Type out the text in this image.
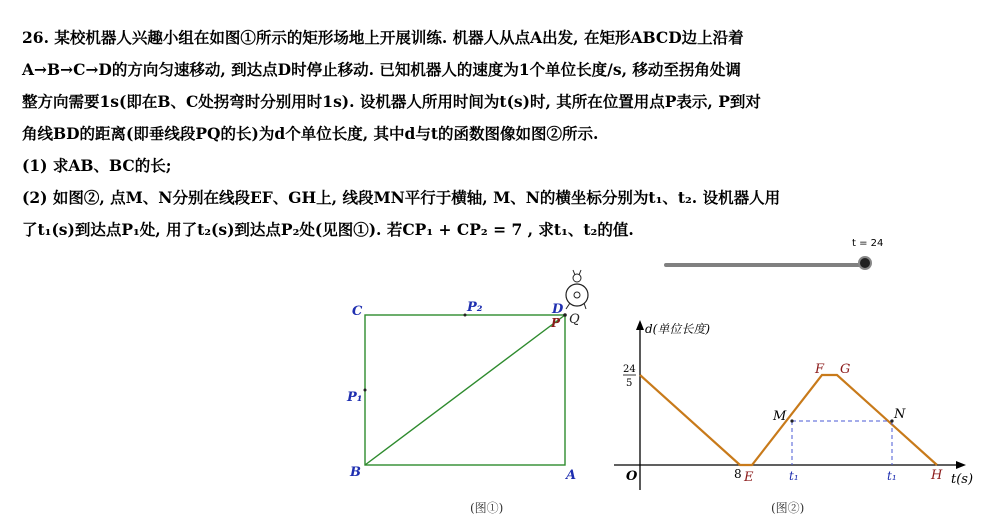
26. 某校机器人兴趣小组在如图①所示的矩形场地上开展训练. 机器人从点A出发, 在矩形ABCD边上沿着
A→B→C→D的方向匀速移动, 到达点D时停止移动. 已知机器人的速度为1个单位长度/s, 移动至拐角处调
整方向需要1s(即在B、C处拐弯时分别用时1s). 设机器人所用时间为t(s)时, 其所在位置用点P表示, P到对
角线BD的距离(即垂线段PQ的长)为d个单位长度, 其中d与t的函数图像如图②所示.
(1) 求AB、BC的长;
(2) 如图②, 点M、N分别在线段EF、GH上, 线段MN平行于横轴, M、N的横坐标分别为t₁、t₂. 设机器人用
了t₁(s)到达点P₁处, 用了t₂(s)到达点P₂处(见图①). 若CP₁ + CP₂ = 7 , 求t₁、t₂的值.
t = 24
C	D
P Q
P₂
P₁
B	A
(图①)
d(单位长度)
t(s)
O
24
5
8 E
F G
H
M	N
t₁	t₁
(图②)
